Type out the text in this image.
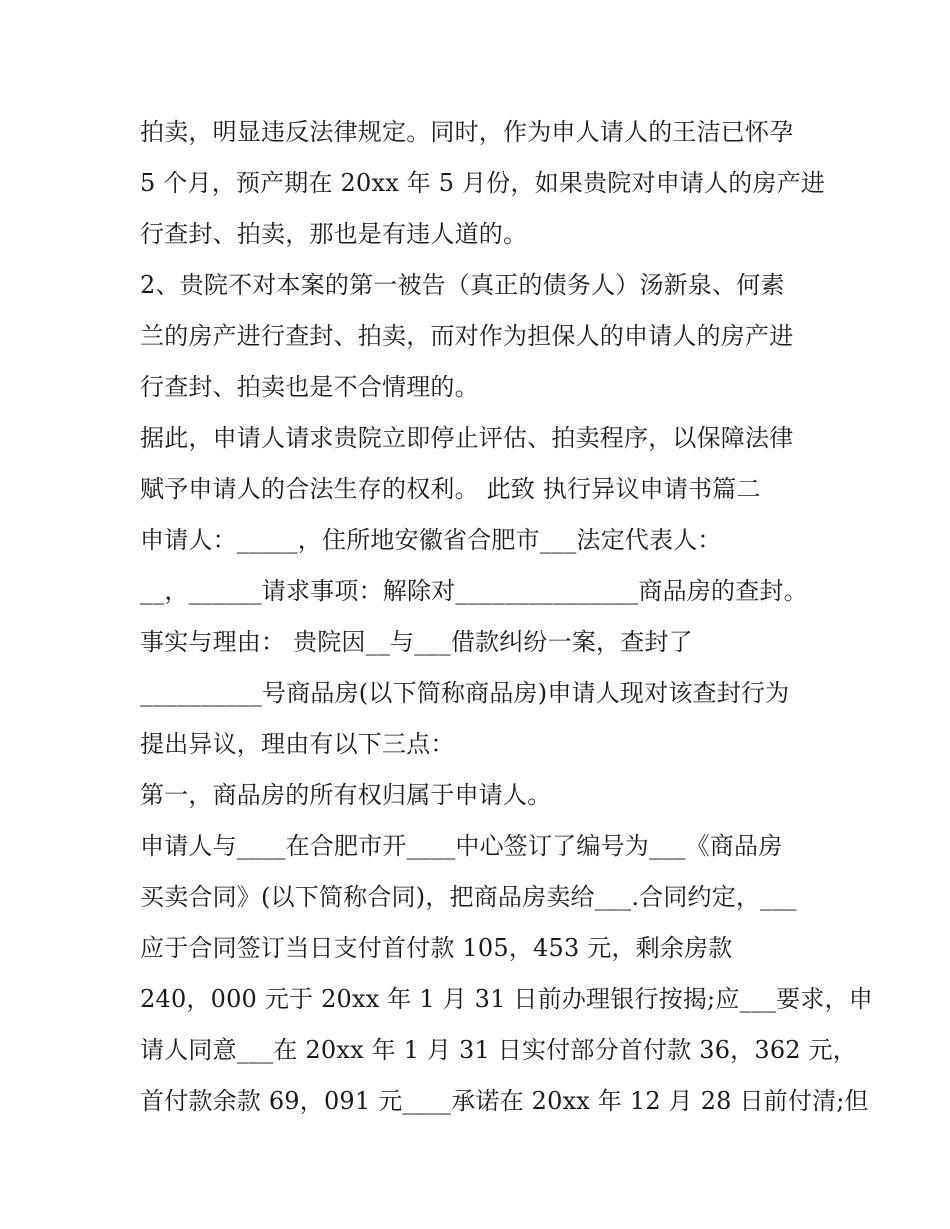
拍卖，明显违反法律规定。同时，作为申人请人的王洁已怀孕
5 个月，预产期在 20xx 年 5 月份，如果贵院对申请人的房产进
行查封、拍卖，那也是有违人道的。
2、贵院不对本案的第一被告（真正的债务人）汤新泉、何素
兰的房产进行查封、拍卖，而对作为担保人的申请人的房产进
行查封、拍卖也是不合情理的。
据此，申请人请求贵院立即停止评估、拍卖程序，以保障法律
赋予申请人的合法生存的权利。 此致 执行异议申请书篇二
申请人：_____，住所地安徽省合肥市___法定代表人：
__，______请求事项：解除对_______________商品房的查封。
事实与理由： 贵院因__与___借款纠纷一案，查封了
__________号商品房(以下简称商品房)申请人现对该查封行为
提出异议，理由有以下三点：
第一，商品房的所有权归属于申请人。
申请人与____在合肥市开____中心签订了编号为___《商品房
买卖合同》(以下简称合同)，把商品房卖给___.合同约定，___
应于合同签订当日支付首付款 105，453 元，剩余房款
240，000 元于 20xx 年 1 月 31 日前办理银行按揭;应___要求，申
请人同意___在 20xx 年 1 月 31 日实付部分首付款 36，362 元，
首付款余款 69，091 元____承诺在 20xx 年 12 月 28 日前付清;但
